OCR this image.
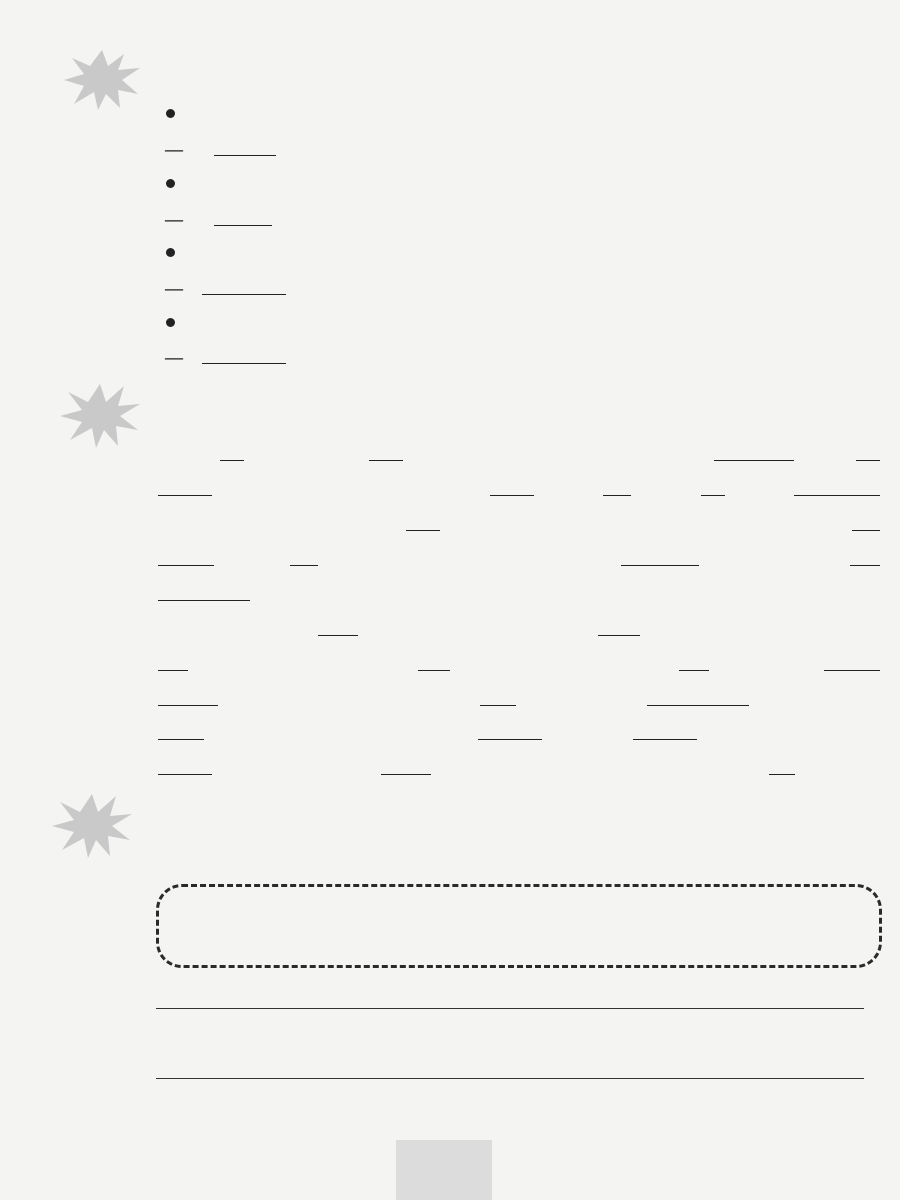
—
—
—
—
